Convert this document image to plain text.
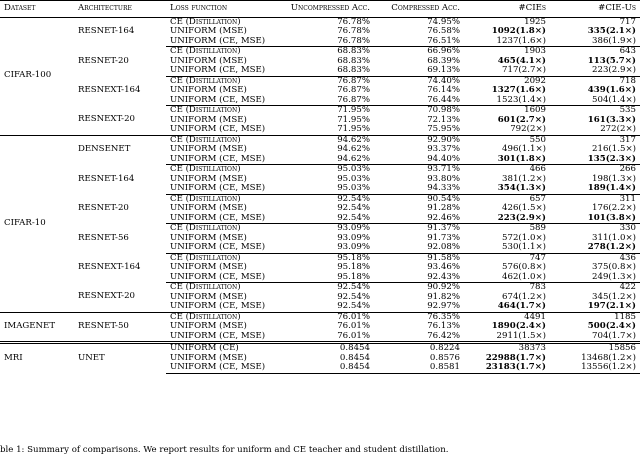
Dataset	Architecture	Loss function	Uncompressed Acc.	Compressed Acc.	#CIEs	#CIE-Us
CIFAR-100	RESNET-164	CE (Distillation)	76.78%	74.95%	1925	717
		UNIFORM (MSE)	76.78%	76.58%	1092(1.8×)	335(2.1×)
		UNIFORM (CE, MSE)	76.78%	76.51%	1237(1.6×)	386(1.9×)
	RESNET-20	CE (Distillation)	68.83%	66.96%	1903	643
		UNIFORM (MSE)	68.83%	68.39%	465(4.1×)	113(5.7×)
		UNIFORM (CE, MSE)	68.83%	69.13%	717(2.7×)	223(2.9×)
	RESNEXT-164	CE (Distillation)	76.87%	74.40%	2092	718
		UNIFORM (MSE)	76.87%	76.14%	1327(1.6×)	439(1.6×)
		UNIFORM (CE, MSE)	76.87%	76.44%	1523(1.4×)	504(1.4×)
	RESNEXT-20	CE (Distillation)	71.95%	70.98%	1609	535
		UNIFORM (MSE)	71.95%	72.13%	601(2.7×)	161(3.3×)
		UNIFORM (CE, MSE)	71.95%	75.95%	792(2×)	272(2×)
CIFAR-10	DENSENET	CE (Distillation)	94.62%	92.90%	550	317
		UNIFORM (MSE)	94.62%	93.37%	496(1.1×)	216(1.5×)
		UNIFORM (CE, MSE)	94.62%	94.40%	301(1.8×)	135(2.3×)
	RESNET-164	CE (Distillation)	95.03%	93.71%	466	266
		UNIFORM (MSE)	95.03%	93.80%	381(1.2×)	198(1.3×)
		UNIFORM (CE, MSE)	95.03%	94.33%	354(1.3×)	189(1.4×)
	RESNET-20	CE (Distillation)	92.54%	90.54%	657	311
		UNIFORM (MSE)	92.54%	91.28%	426(1.5×)	176(2.2×)
		UNIFORM (CE, MSE)	92.54%	92.46%	223(2.9×)	101(3.8×)
	RESNET-56	CE (Distillation)	93.09%	91.37%	589	330
		UNIFORM (MSE)	93.09%	91.73%	572(1.0×)	311(1.0×)
		UNIFORM (CE, MSE)	93.09%	92.08%	530(1.1×)	278(1.2×)
	RESNEXT-164	CE (Distillation)	95.18%	91.58%	747	436
		UNIFORM (MSE)	95.18%	93.46%	576(0.8×)	375(0.8×)
		UNIFORM (CE, MSE)	95.18%	92.43%	462(1.0×)	249(1.3×)
	RESNEXT-20	CE (Distillation)	92.54%	90.92%	783	422
		UNIFORM (MSE)	92.54%	91.82%	674(1.2×)	345(1.2×)
		UNIFORM (CE, MSE)	92.54%	92.97%	464(1.7×)	197(2.1×)
IMAGENET	RESNET-50	CE (Distillation)	76.01%	76.35%	4491	1185
		UNIFORM (MSE)	76.01%	76.13%	1890(2.4×)	500(2.4×)
		UNIFORM (CE, MSE)	76.01%	76.42%	2911(1.5×)	704(1.7×)
MRI	UNET	UNIFORM (CE)	0.8454	0.8224	38373	15856
		UNIFORM (MSE)	0.8454	0.8576	22988(1.7×)	13468(1.2×)
		UNIFORM (CE, MSE)	0.8454	0.8581	23183(1.7×)	13556(1.2×)
ble 1: Summary of comparisons. We report results for uniform and CE teacher and student distillation.
